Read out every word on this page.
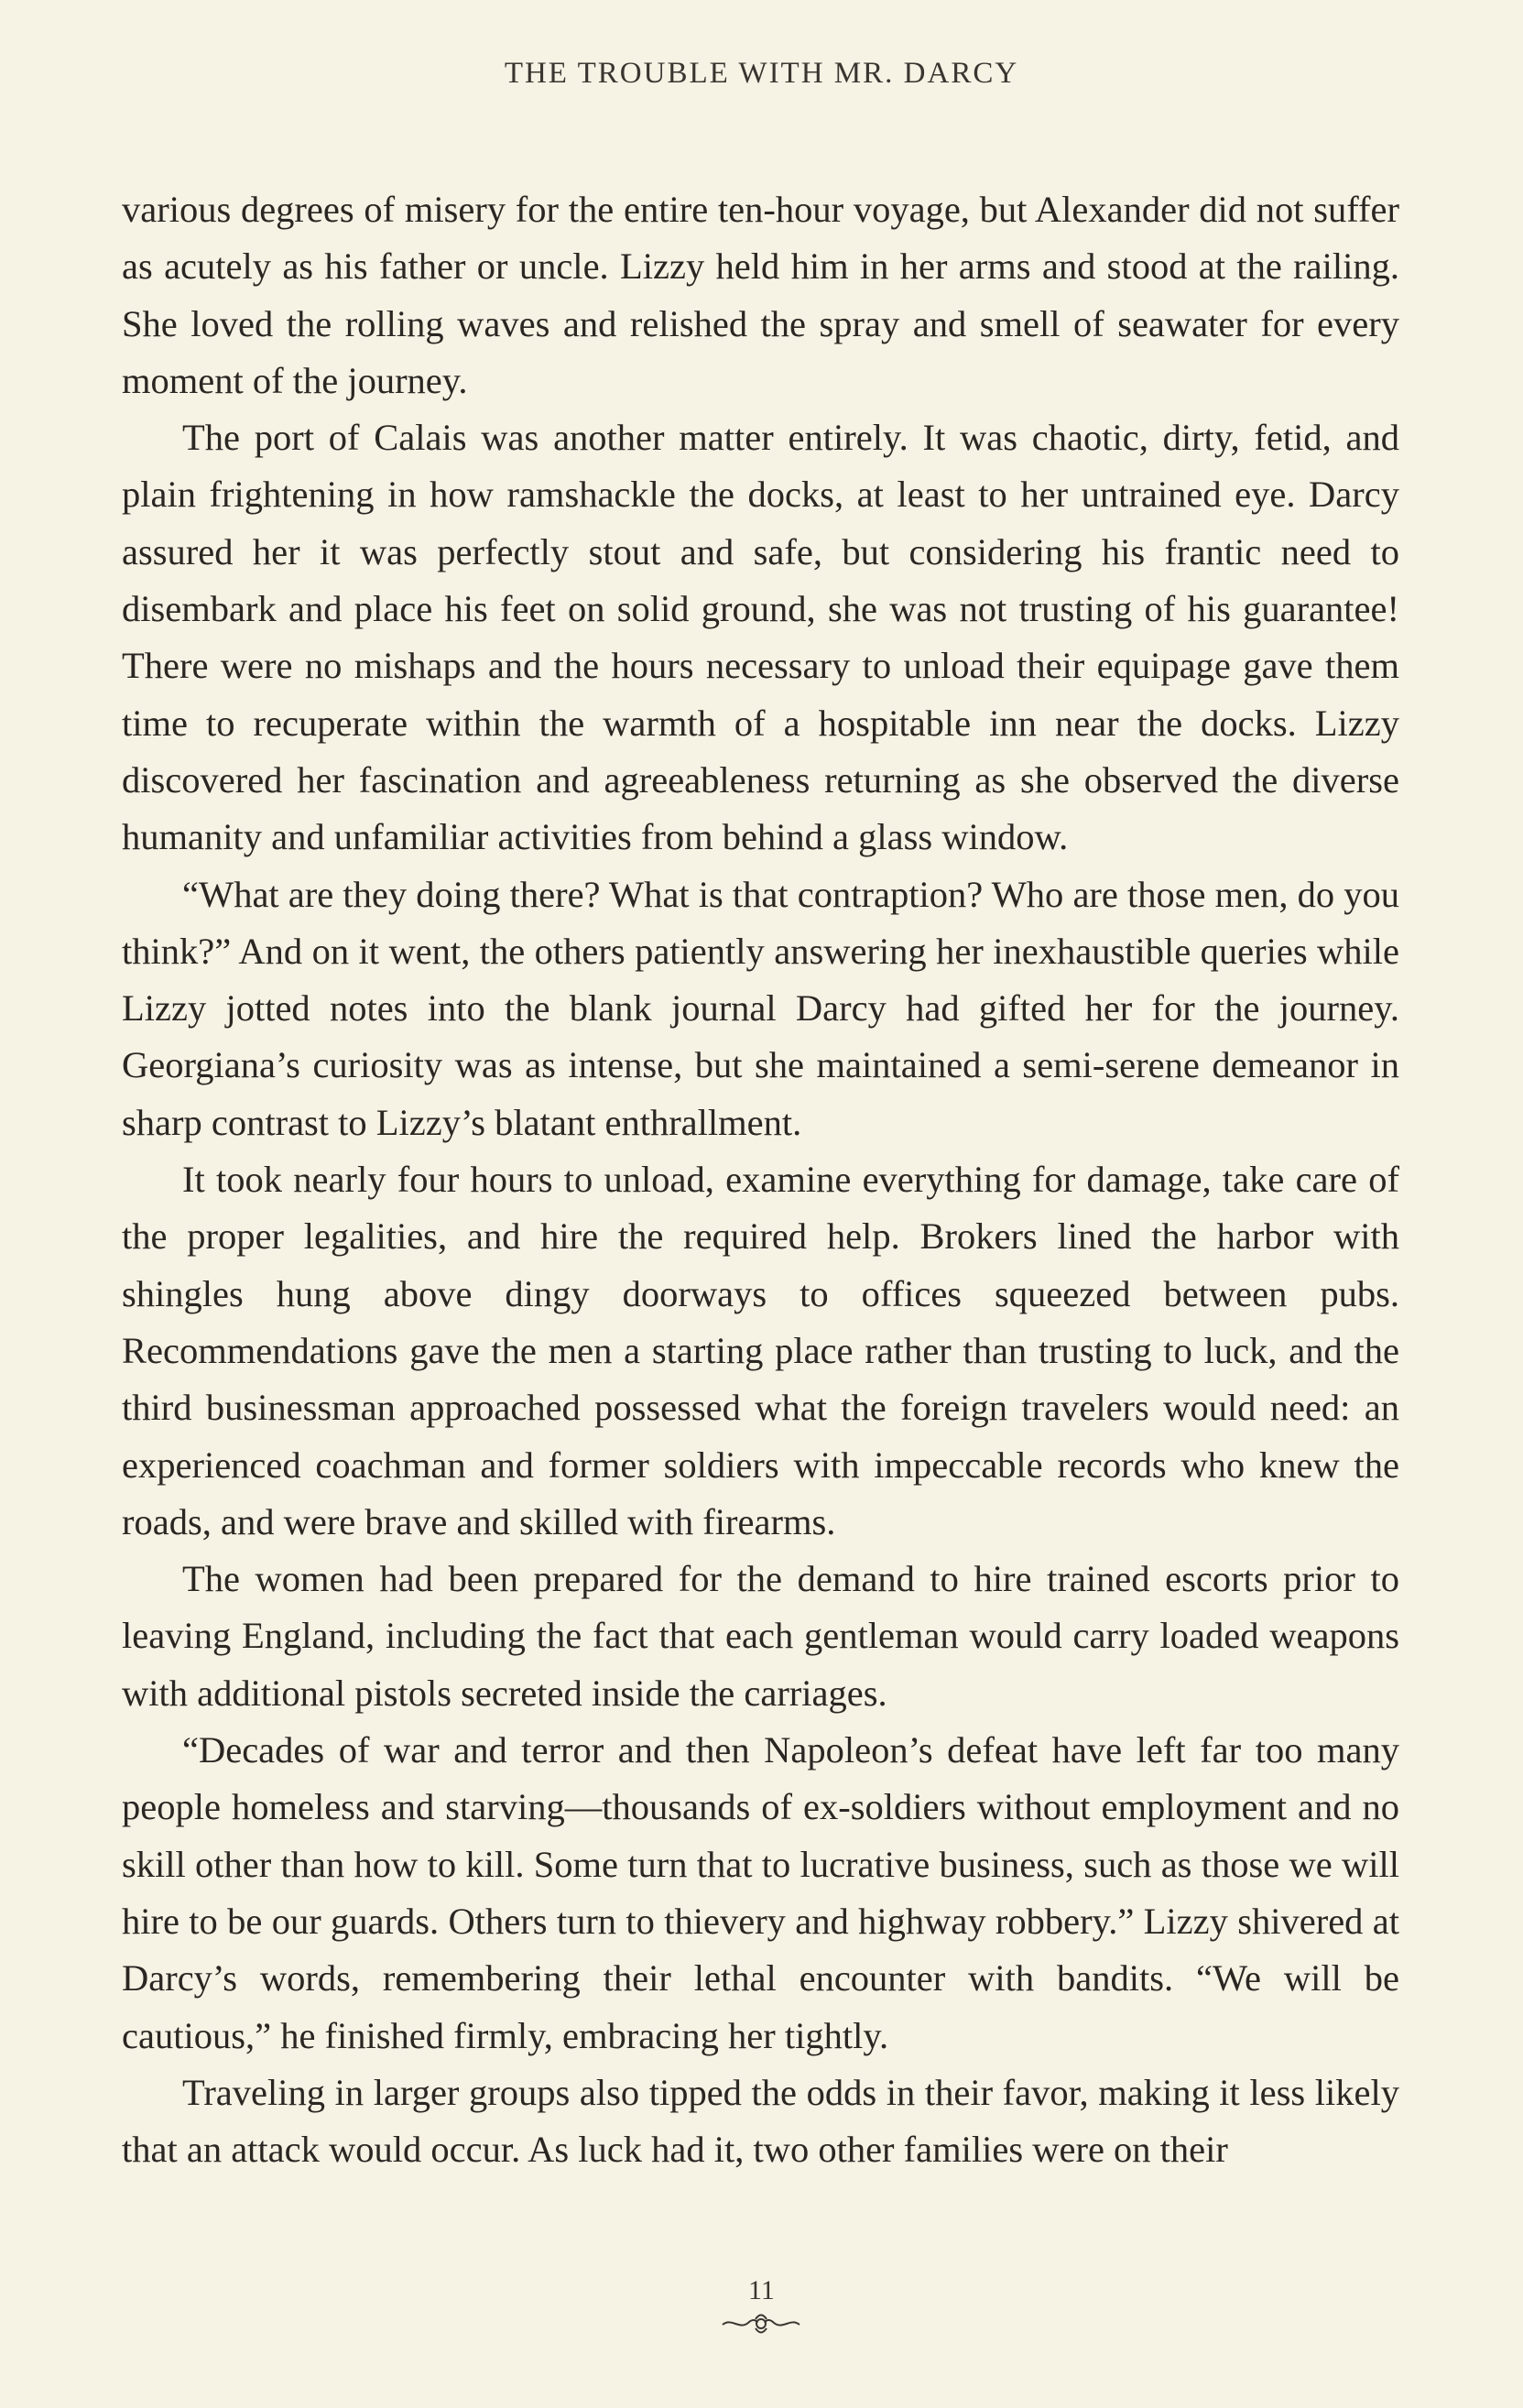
THE TROUBLE WITH MR. DARCY

various degrees of misery for the entire ten-hour voyage, but Alexander did not suffer as acutely as his father or uncle. Lizzy held him in her arms and stood at the railing. She loved the rolling waves and relished the spray and smell of seawater for every moment of the journey.

The port of Calais was another matter entirely. It was chaotic, dirty, fetid, and plain frightening in how ramshackle the docks, at least to her untrained eye. Darcy assured her it was perfectly stout and safe, but considering his frantic need to disembark and place his feet on solid ground, she was not trusting of his guarantee! There were no mishaps and the hours necessary to unload their equipage gave them time to recuperate within the warmth of a hospitable inn near the docks. Lizzy discovered her fascination and agreeableness returning as she observed the diverse humanity and unfamiliar activities from behind a glass window.

“What are they doing there? What is that contraption? Who are those men, do you think?” And on it went, the others patiently answering her inexhaustible queries while Lizzy jotted notes into the blank journal Darcy had gifted her for the journey. Georgiana’s curiosity was as intense, but she maintained a semi-serene demeanor in sharp contrast to Lizzy’s blatant enthrallment.

It took nearly four hours to unload, examine everything for damage, take care of the proper legalities, and hire the required help. Brokers lined the harbor with shingles hung above dingy doorways to offices squeezed between pubs. Recommendations gave the men a starting place rather than trusting to luck, and the third businessman approached possessed what the foreign travelers would need: an experienced coachman and former soldiers with impeccable records who knew the roads, and were brave and skilled with firearms.

The women had been prepared for the demand to hire trained escorts prior to leaving England, including the fact that each gentleman would carry loaded weapons with additional pistols secreted inside the carriages.

“Decades of war and terror and then Napoleon’s defeat have left far too many people homeless and starving—thousands of ex-soldiers without employment and no skill other than how to kill. Some turn that to lucrative business, such as those we will hire to be our guards. Others turn to thievery and highway robbery.” Lizzy shivered at Darcy’s words, remembering their lethal encounter with bandits. “We will be cautious,” he finished firmly, embracing her tightly.

Traveling in larger groups also tipped the odds in their favor, making it less likely that an attack would occur. As luck had it, two other families were on their

11
